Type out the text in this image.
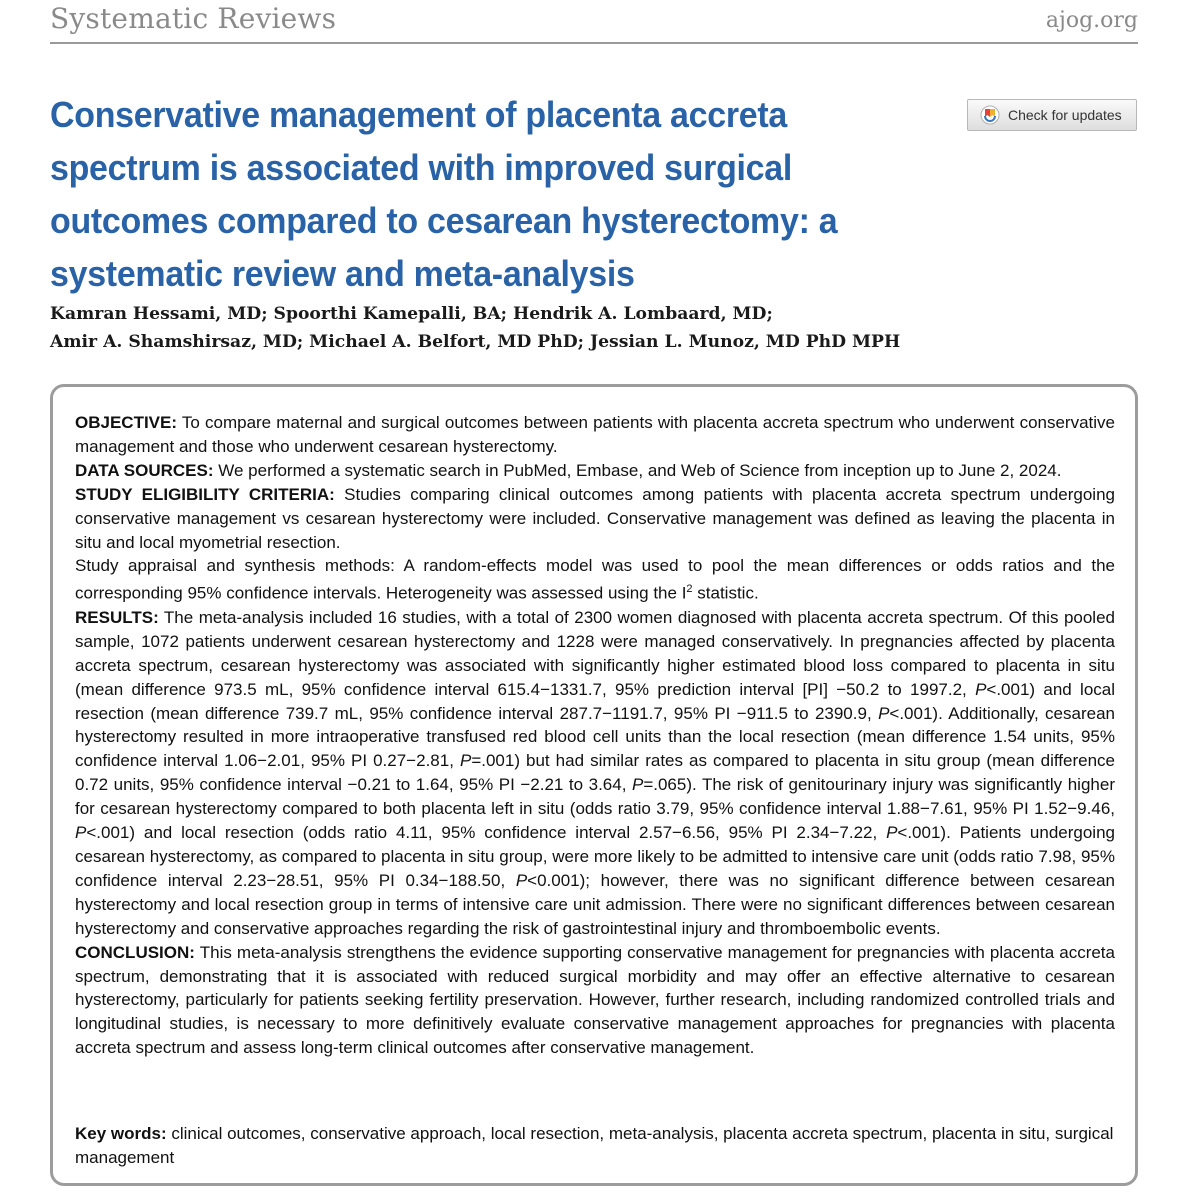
Systematic Reviews	ajog.org
Conservative management of placenta accreta spectrum is associated with improved surgical outcomes compared to cesarean hysterectomy: a systematic review and meta-analysis
Check for updates
Kamran Hessami, MD; Spoorthi Kamepalli, BA; Hendrik A. Lombaard, MD;
Amir A. Shamshirsaz, MD; Michael A. Belfort, MD PhD; Jessian L. Munoz, MD PhD MPH

OBJECTIVE: To compare maternal and surgical outcomes between patients with placenta accreta spectrum who underwent conservative management and those who underwent cesarean hysterectomy.

DATA SOURCES: We performed a systematic search in PubMed, Embase, and Web of Science from inception up to June 2, 2024.

STUDY ELIGIBILITY CRITERIA: Studies comparing clinical outcomes among patients with placenta accreta spectrum undergoing conservative management vs cesarean hysterectomy were included. Conservative management was defined as leaving the placenta in situ and local myometrial resection.

Study appraisal and synthesis methods: A random-effects model was used to pool the mean differences or odds ratios and the corresponding 95% confidence intervals. Heterogeneity was assessed using the $I^2$ statistic.

RESULTS: The meta-analysis included 16 studies, with a total of 2300 women diagnosed with placenta accreta spectrum. Of this pooled sample, 1072 patients underwent cesarean hysterectomy and 1228 were managed conservatively. In pregnancies affected by placenta accreta spectrum, cesarean hysterectomy was associated with significantly higher estimated blood loss compared to placenta in situ (mean difference 973.5 mL, 95% confidence interval 615.4−1331.7, 95% prediction interval [PI] −50.2 to 1997.2, P<.001) and local resection (mean difference 739.7 mL, 95% confidence interval 287.7−1191.7, 95% PI −911.5 to 2390.9, P<.001). Additionally, cesarean hysterectomy resulted in more intraoperative transfused red blood cell units than the local resection (mean difference 1.54 units, 95% confidence interval 1.06−2.01, 95% PI 0.27−2.81, P=.001) but had similar rates as compared to placenta in situ group (mean difference 0.72 units, 95% confidence interval −0.21 to 1.64, 95% PI −2.21 to 3.64, P=.065). The risk of genitourinary injury was significantly higher for cesarean hysterectomy compared to both placenta left in situ (odds ratio 3.79, 95% confidence interval 1.88−7.61, 95% PI 1.52−9.46, P<.001) and local resection (odds ratio 4.11, 95% confidence interval 2.57−6.56, 95% PI 2.34−7.22, P<.001). Patients undergoing cesarean hysterectomy, as compared to placenta in situ group, were more likely to be admitted to intensive care unit (odds ratio 7.98, 95% confidence interval 2.23−28.51, 95% PI 0.34−188.50, P<0.001); however, there was no significant difference between cesarean hysterectomy and local resection group in terms of intensive care unit admission. There were no significant differences between cesarean hysterectomy and conservative approaches regarding the risk of gastrointestinal injury and thromboembolic events.

CONCLUSION: This meta-analysis strengthens the evidence supporting conservative management for pregnancies with placenta accreta spectrum, demonstrating that it is associated with reduced surgical morbidity and may offer an effective alternative to cesarean hysterectomy, particularly for patients seeking fertility preservation. However, further research, including randomized controlled trials and longitudinal studies, is necessary to more definitively evaluate conservative management approaches for pregnancies with placenta accreta spectrum and assess long-term clinical outcomes after conservative management.

Key words: clinical outcomes, conservative approach, local resection, meta-analysis, placenta accreta spectrum, placenta in situ, surgical management
